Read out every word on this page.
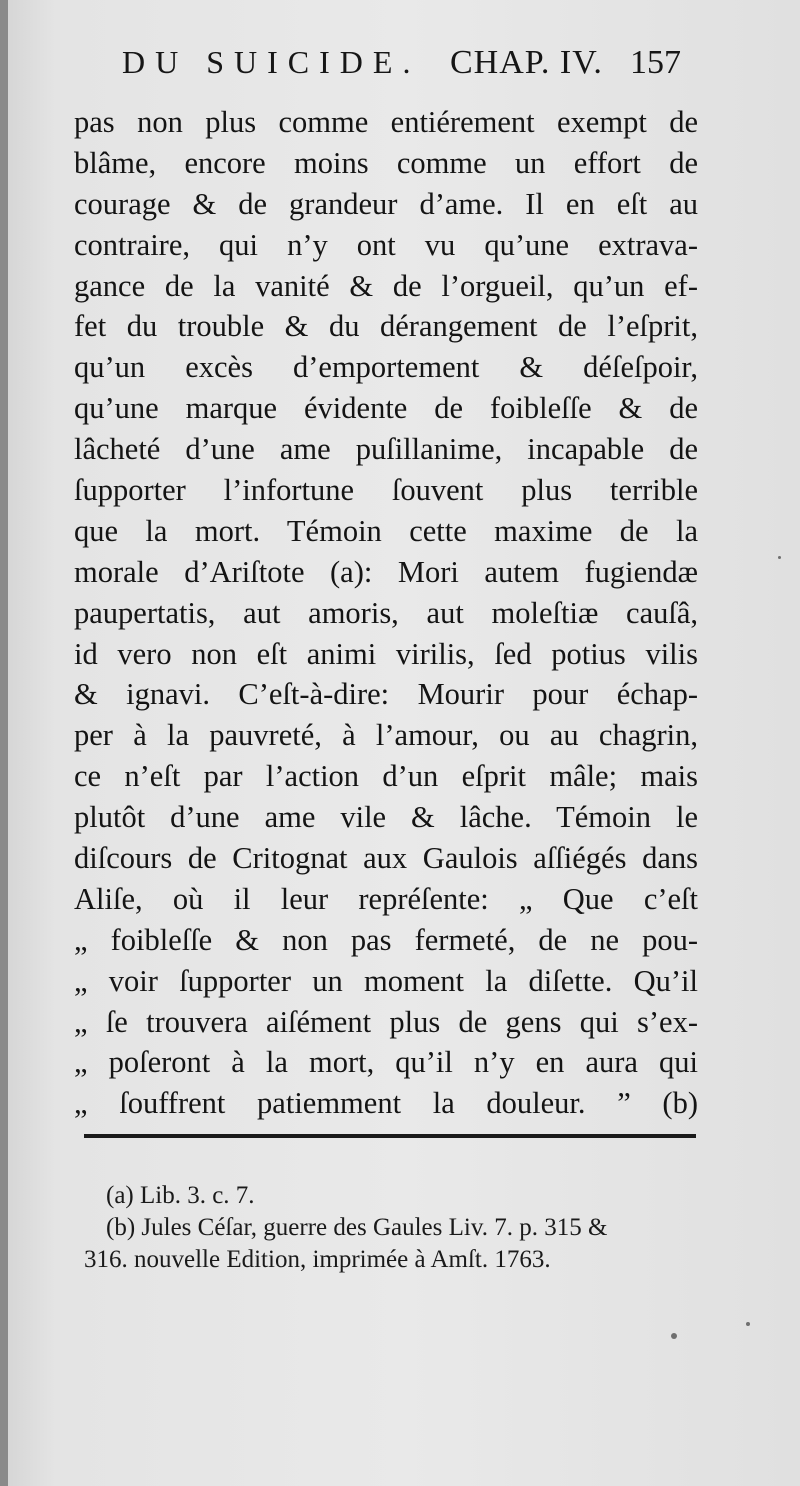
DU SUICIDE. CHAP. IV. 157
pas non plus comme entiérement exempt de
blâme, encore moins comme un effort de
courage & de grandeur d’ame. Il en eſt au
contraire, qui n’y ont vu qu’une extrava-
gance de la vanité & de l’orgueil, qu’un ef-
fet du trouble & du dérangement de l’eſprit,
qu’un excès d’emportement & déſeſpoir,
qu’une marque évidente de foibleſſe & de
lâcheté d’une ame puſillanime, incapable de
ſupporter l’infortune ſouvent plus terrible
que la mort. Témoin cette maxime de la
morale d’Ariſtote (a): Mori autem fugiendæ
paupertatis, aut amoris, aut moleſtiæ cauſâ,
id vero non eſt animi virilis, ſed potius vilis
& ignavi. C’eſt-à-dire: Mourir pour échap-
per à la pauvreté, à l’amour, ou au chagrin,
ce n’eſt par l’action d’un eſprit mâle; mais
plutôt d’une ame vile & lâche. Témoin le
diſcours de Critognat aux Gaulois aſſiégés dans
Aliſe, où il leur repréſente: „ Que c’eſt
„ foibleſſe & non pas fermeté, de ne pou-
„ voir ſupporter un moment la diſette. Qu’il
„ ſe trouvera aiſément plus de gens qui s’ex-
„ poſeront à la mort, qu’il n’y en aura qui
„ ſouffrent patiemment la douleur. ” (b)
(a) Lib. 3. c. 7.
(b) Jules Céſar, guerre des Gaules Liv. 7. p. 315 &
316. nouvelle Edition, imprimée à Amſt. 1763.
